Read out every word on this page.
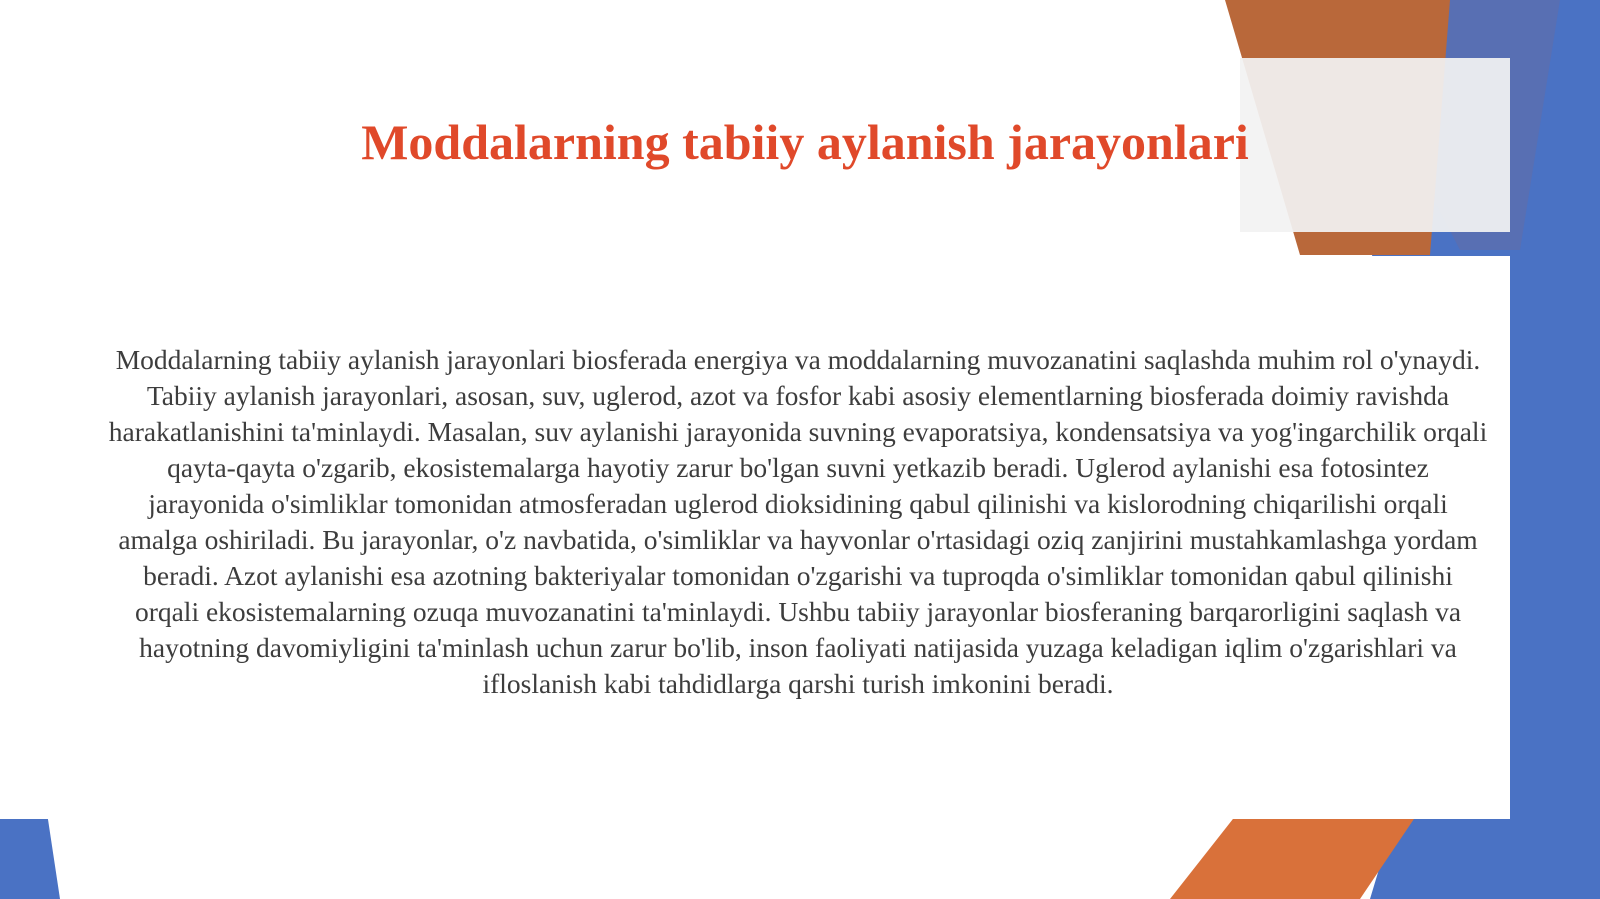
Moddalarning tabiiy aylanish jarayonlari

Moddalarning tabiiy aylanish jarayonlari biosferada energiya va moddalarning muvozanatini saqlashda muhim rol o'ynaydi. Tabiiy aylanish jarayonlari, asosan, suv, uglerod, azot va fosfor kabi asosiy elementlarning biosferada doimiy ravishda harakatlanishini ta'minlaydi. Masalan, suv aylanishi jarayonida suvning evaporatsiya, kondensatsiya va yog'ingarchilik orqali qayta-qayta o'zgarib, ekosistemalarga hayotiy zarur bo'lgan suvni yetkazib beradi. Uglerod aylanishi esa fotosintez jarayonida o'simliklar tomonidan atmosferadan uglerod dioksidining qabul qilinishi va kislorodning chiqarilishi orqali amalga oshiriladi. Bu jarayonlar, o'z navbatida, o'simliklar va hayvonlar o'rtasidagi oziq zanjirini mustahkamlashga yordam beradi. Azot aylanishi esa azotning bakteriyalar tomonidan o'zgarishi va tuproqda o'simliklar tomonidan qabul qilinishi orqali ekosistemalarning ozuqa muvozanatini ta'minlaydi. Ushbu tabiiy jarayonlar biosferaning barqarorligini saqlash va hayotning davomiyligini ta'minlash uchun zarur bo'lib, inson faoliyati natijasida yuzaga keladigan iqlim o'zgarishlari va ifloslanish kabi tahdidlarga qarshi turish imkonini beradi.
